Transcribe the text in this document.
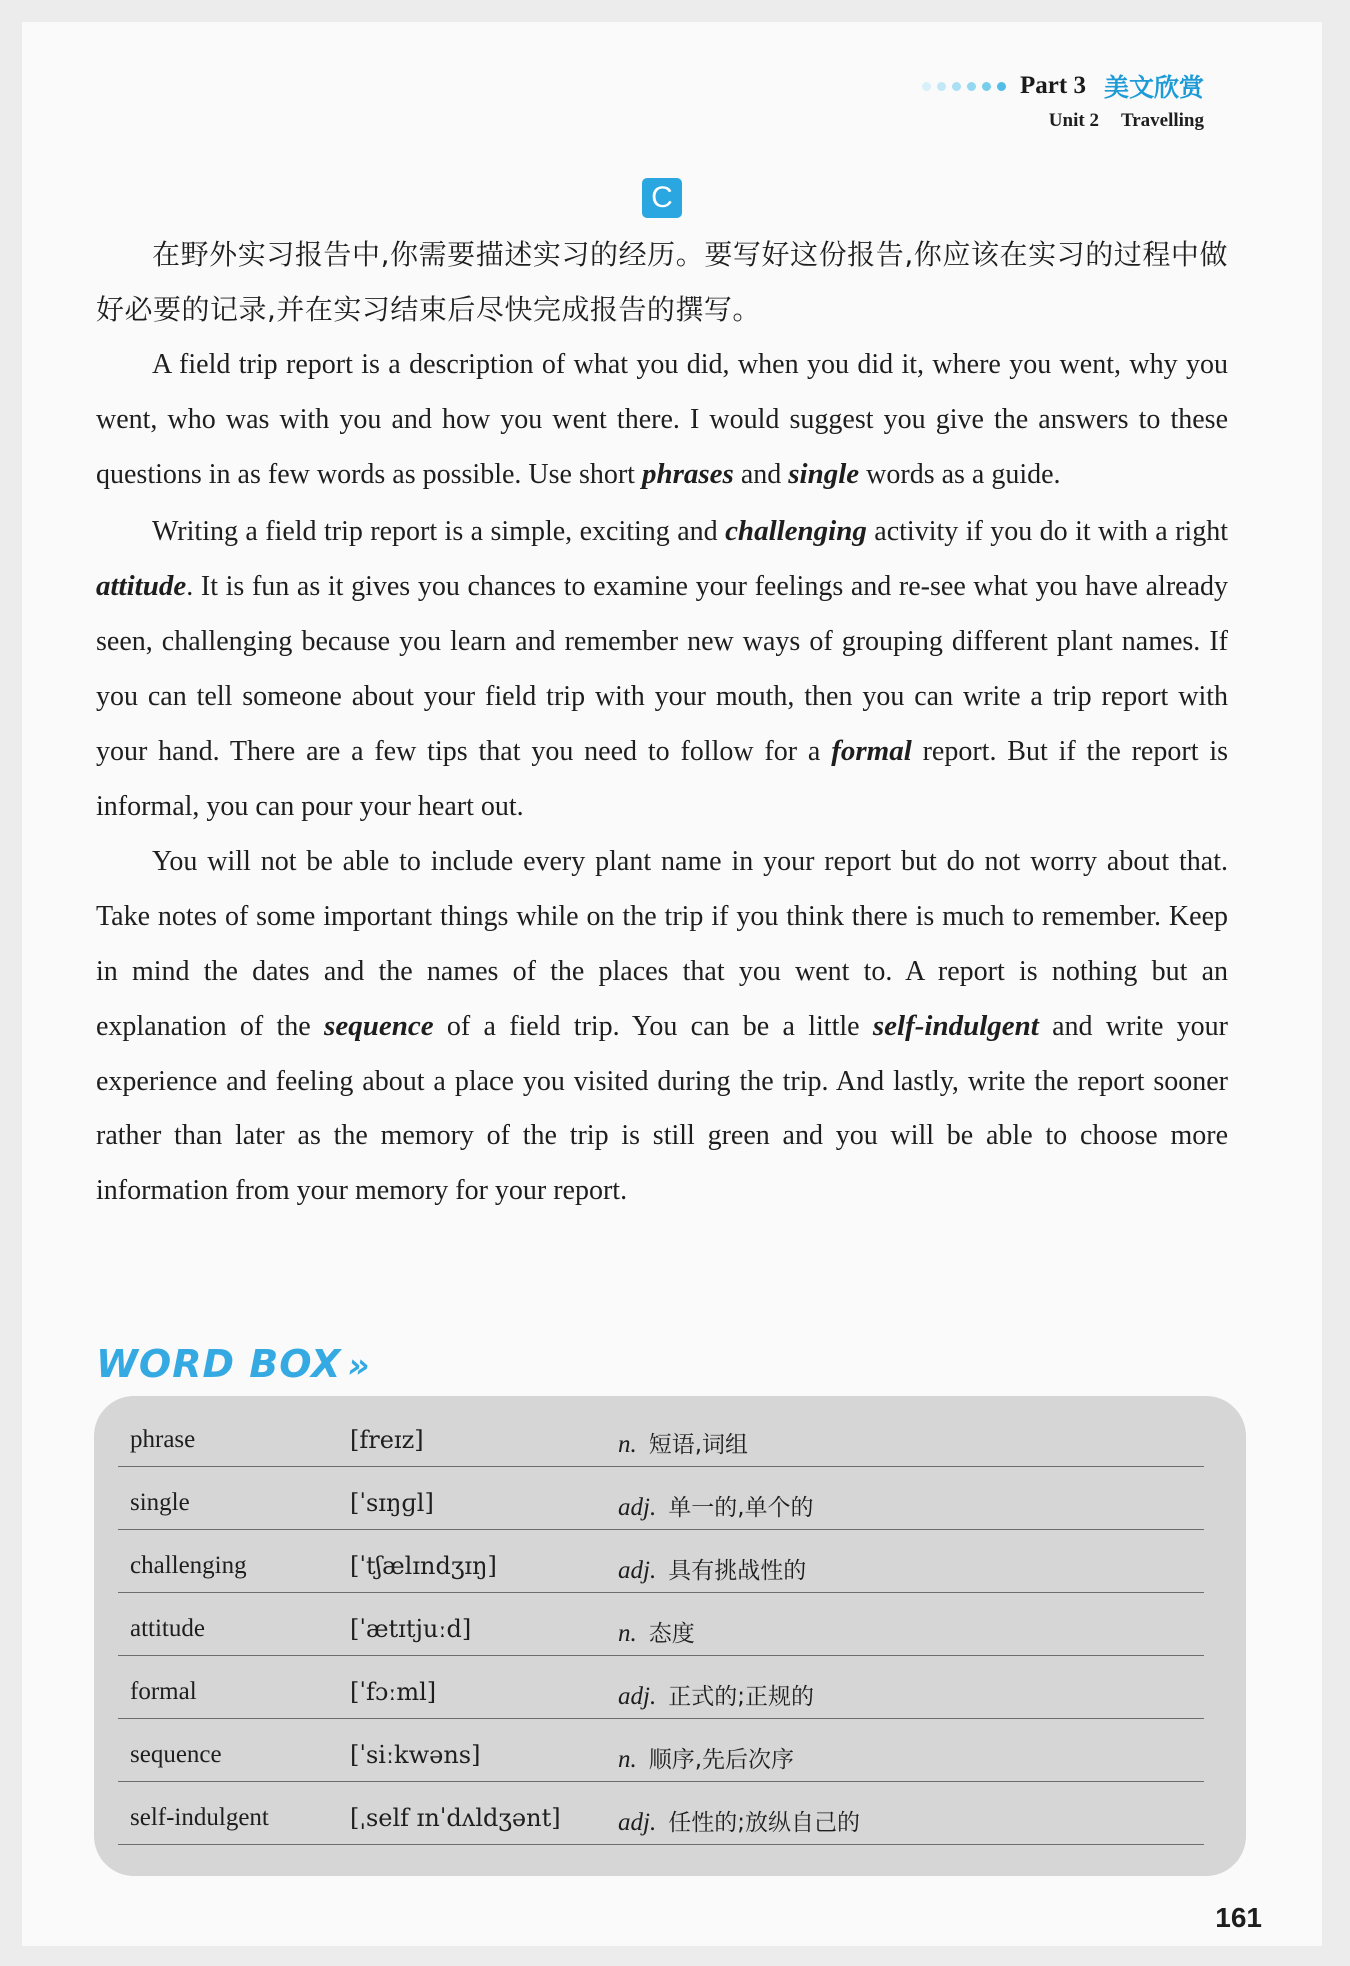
Part 3 美文欣赏
Unit 2 Travelling
C

在野外实习报告中,你需要描述实习的经历。要写好这份报告,你应该在实习的过程中做好必要的记录,并在实习结束后尽快完成报告的撰写。

A field trip report is a description of what you did, when you did it, where you went, why you went, who was with you and how you went there. I would suggest you give the answers to these questions in as few words as possible. Use short phrases and single words as a guide.

Writing a field trip report is a simple, exciting and challenging activity if you do it with a right attitude. It is fun as it gives you chances to examine your feelings and re-see what you have already seen, challenging because you learn and remember new ways of grouping different plant names. If you can tell someone about your field trip with your mouth, then you can write a trip report with your hand. There are a few tips that you need to follow for a formal report. But if the report is informal, you can pour your heart out.

You will not be able to include every plant name in your report but do not worry about that. Take notes of some important things while on the trip if you think there is much to remember. Keep in mind the dates and the names of the places that you went to. A report is nothing but an explanation of the sequence of a field trip. You can be a little self-indulgent and write your experience and feeling about a place you visited during the trip. And lastly, write the report sooner rather than later as the memory of the trip is still green and you will be able to choose more information from your memory for your report.

WORD BOX »
phrase	[freɪz]	n. 短语,词组
single	[ˈsɪŋɡl]	adj. 单一的,单个的
challenging	[ˈtʃælɪndʒɪŋ]	adj. 具有挑战性的
attitude	[ˈætɪtjuːd]	n. 态度
formal	[ˈfɔːml]	adj. 正式的;正规的
sequence	[ˈsiːkwəns]	n. 顺序,先后次序
self-indulgent	[ˌself ɪnˈdʌldʒənt] adj. 任性的;放纵自己的
161
